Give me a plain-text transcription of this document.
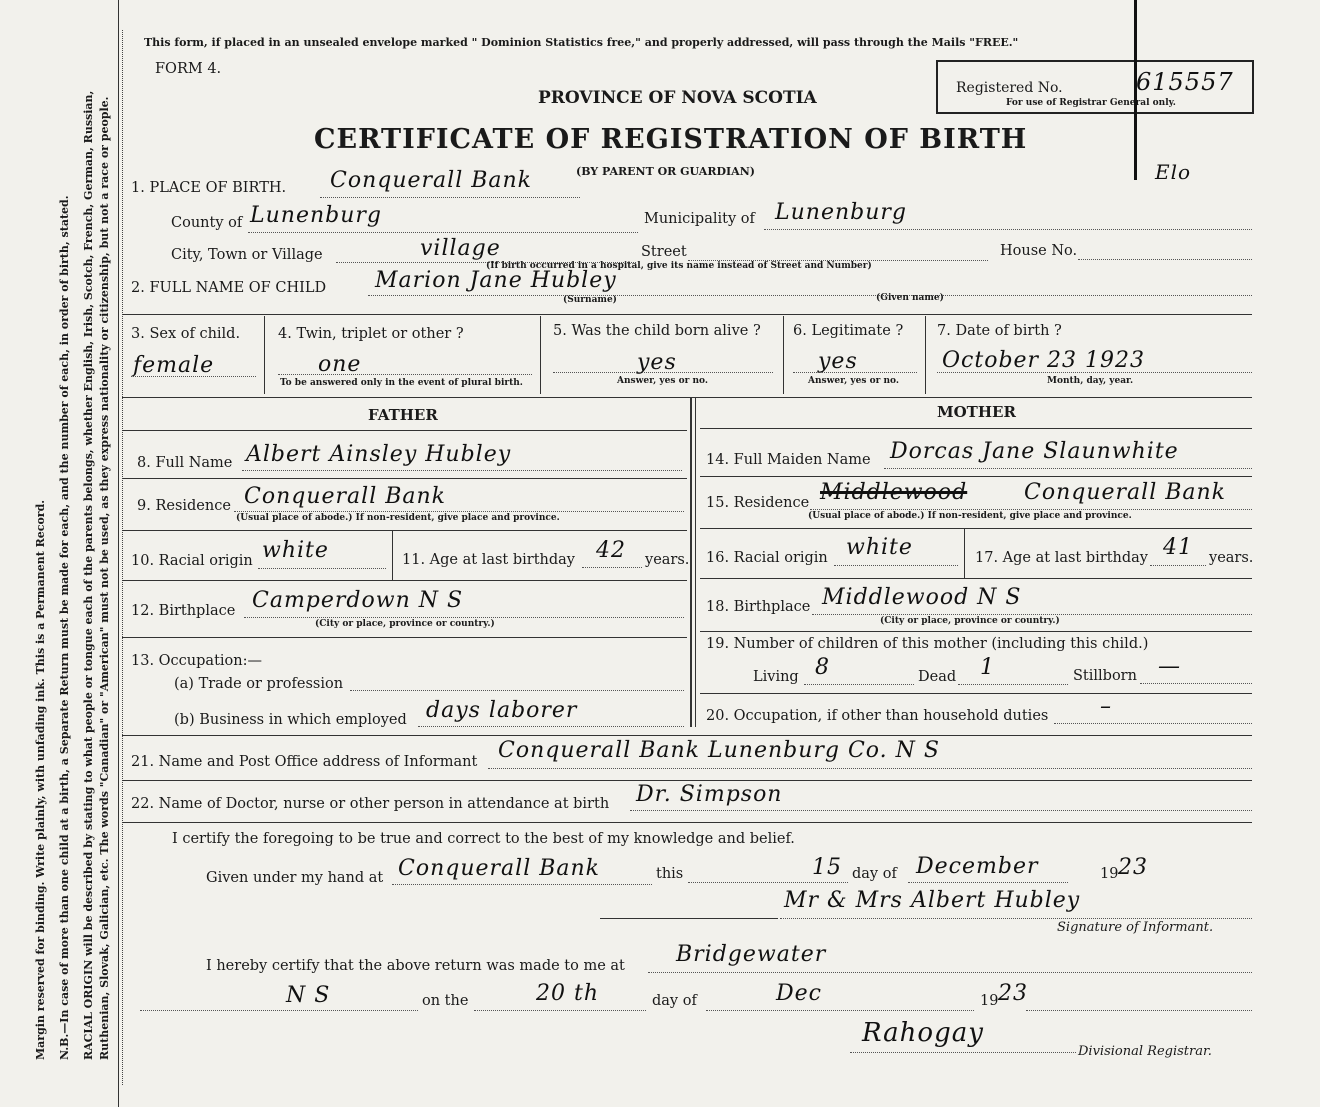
Margin reserved for binding. Write plainly, with unfading ink. This is a Permanent Record. N.B.—In case of more than one child at a birth, a Separate Return must be made for each, and the number of each, in order of birth, stated. RACIAL ORIGIN will be described by stating to what people or tongue each of the parents belongs, whether English, Irish, Scotch, French, German, Russian, Ruthenian, Slovak, Galician, etc. The words "Canadian" or "American" must not be used, as they express nationality or citizenship, but not a race or people.
This form, if placed in an unsealed envelope marked " Dominion Statistics free," and properly addressed, will pass through the Mails "FREE."
FORM 4.
PROVINCE OF NOVA SCOTIA
CERTIFICATE OF REGISTRATION OF BIRTH
(BY PARENT OR GUARDIAN)
Registered No.	615557
For use of Registrar General only.
Elo
1. PLACE OF BIRTH. Conquerall Bank
County of Lunenburg	Municipality of Lunenburg
City, Town or Village	village	Street	House No.
(If birth occurred in a hospital, give its name instead of Street and Number)
2. FULL NAME OF CHILD Marion Jane Hubley
(Surname)	(Given name)
3. Sex of child.
female
4. Twin, triplet or other ?
one
To be answered only in the event of plural birth.
5. Was the child born alive ?
yes
Answer, yes or no.
6. Legitimate ?
yes
Answer, yes or no.
7. Date of birth ?
October 23 1923
Month, day, year.
FATHER	MOTHER
8. Full Name Albert Ainsley Hubley
9. Residence Conquerall Bank
(Usual place of abode.) If non-resident, give place and province.
10. Racial origin white	11. Age at last birthday 42 years.
12. Birthplace Camperdown N S
(City or place, province or country.)
13. Occupation:—
(a) Trade or profession
(b) Business in which employed days laborer
14. Full Maiden Name Dorcas Jane Slaunwhite
15. Residence Middlewood	Conquerall Bank
(Usual place of abode.) If non-resident, give place and province.
16. Racial origin white	17. Age at last birthday 41 years.
18. Birthplace Middlewood N S
(City or place, province or country.)
19. Number of children of this mother (including this child.)
Living 8	Dead 1	Stillborn —
20. Occupation, if other than household duties –
21. Name and Post Office address of Informant Conquerall Bank Lunenburg Co. N S
22. Name of Doctor, nurse or other person in attendance at birth Dr. Simpson
I certify the foregoing to be true and correct to the best of my knowledge and belief.
Given under my hand at Conquerall Bank	this	15 day of December	19 23
Mr & Mrs Albert Hubley
Signature of Informant.
I hereby certify that the above return was made to me at Bridgewater
N S	on the	20 th	day of	Dec	19 23
Rahogay
Divisional Registrar.
